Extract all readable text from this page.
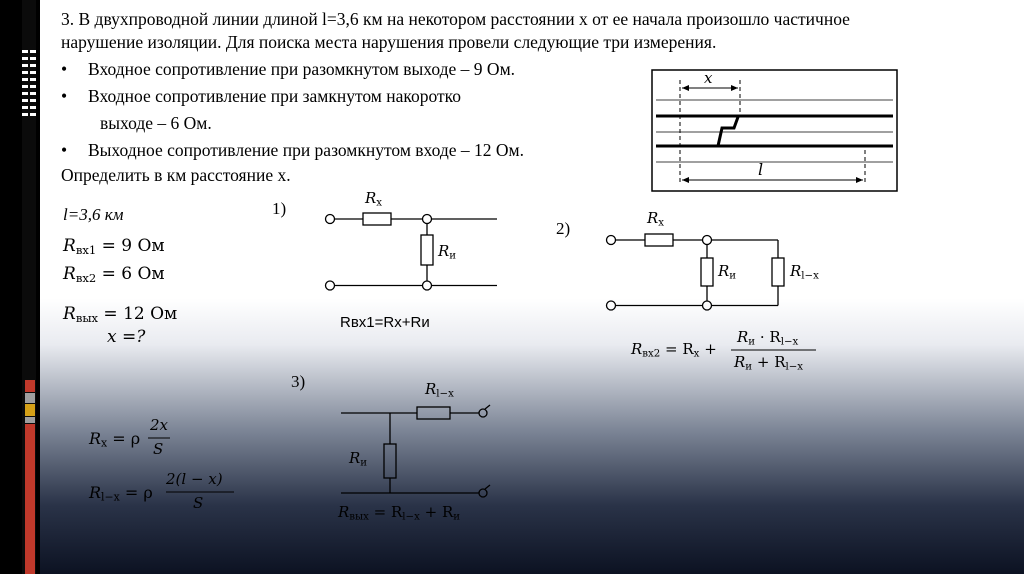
3. В двухпроводной линии длиной l=3,6 км на некотором расстоянии x от ее начала произошло частичное
нарушение изоляции. Для поиска места нарушения провели следующие три измерения.
• Входное сопротивление при разомкнутом выходе – 9 Ом.
• Входное сопротивление при замкнутом накоротко
выходе – 6 Ом.
• Выходное сопротивление при разомкнутом входе – 12 Ом.
Определить в км расстояние x.
l=3,6 км
$R_{вх1} = 9$ Ом
$R_{вх2} = 6$ Ом
$R_{вых} = 12$ Ом
x =?
x
l
1)
$R_x$
$R_и$
Rвх1=Rx+Rи
2)
$R_x$
$R_и$	$R_{l-x}$
$R_{вх2} = R_x$ +
$R_и \cdot R_{l-x}$
$R_и + R_{l-x}$
3)	$R_{l-x}$
$R_и$
$R_{вых} = R_{l-x} + R_и$
$R_x = \rho$
2x
S
$R_{l-x} = \rho$
2(l − x)
S
